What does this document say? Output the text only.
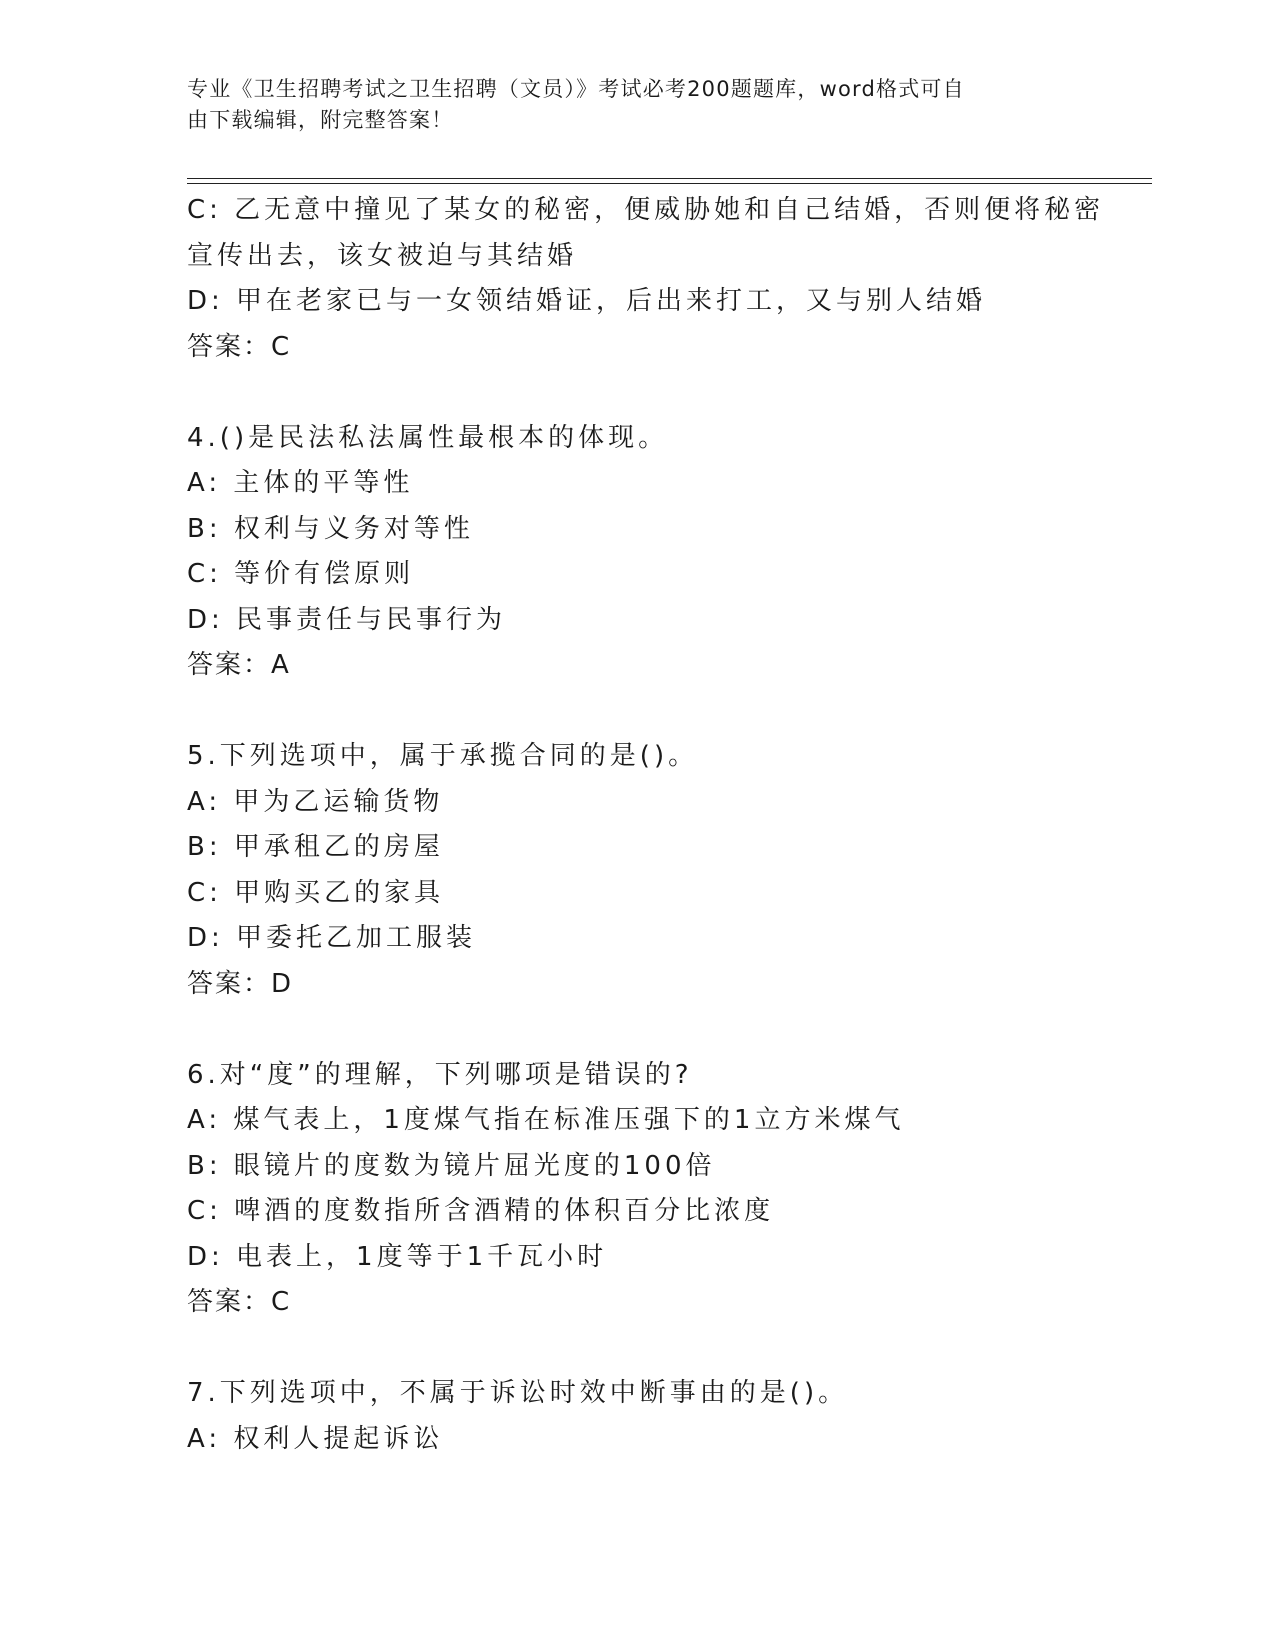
专业《卫生招聘考试之卫生招聘（文员）》考试必考200题题库，word格式可自
由下载编辑，附完整答案！
C: 乙无意中撞见了某女的秘密，便威胁她和自己结婚，否则便将秘密
宣传出去，该女被迫与其结婚
D: 甲在老家已与一女领结婚证，后出来打工，又与别人结婚
答案：C
4.()是民法私法属性最根本的体现。
A: 主体的平等性
B: 权利与义务对等性
C: 等价有偿原则
D: 民事责任与民事行为
答案：A
5.下列选项中，属于承揽合同的是()。
A: 甲为乙运输货物
B: 甲承租乙的房屋
C: 甲购买乙的家具
D: 甲委托乙加工服装
答案：D
6.对“度”的理解，下列哪项是错误的?
A: 煤气表上，1度煤气指在标准压强下的1立方米煤气
B: 眼镜片的度数为镜片屈光度的100倍
C: 啤酒的度数指所含酒精的体积百分比浓度
D: 电表上，1度等于1千瓦小时
答案：C
7.下列选项中，不属于诉讼时效中断事由的是()。
A: 权利人提起诉讼
